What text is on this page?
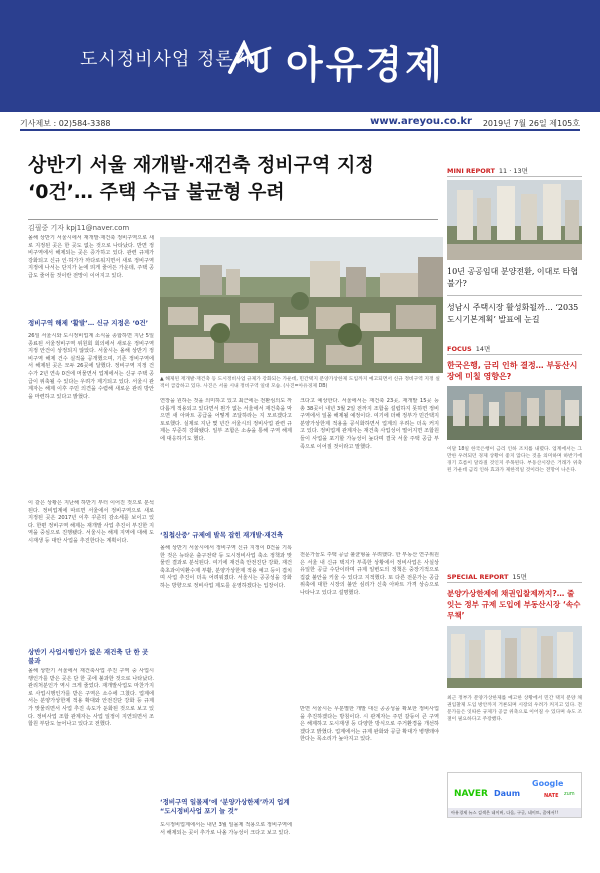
도시정비사업 정론지 아유경제
기사제보 : 02)584-3388	www.areyou.co.kr 2019년 7월 26일 제105호
상반기 서울 재개발·재건축 정비구역 지정
‘0건’… 주택 수급 불균형 우려
김필중 기자 kpj11@naver.com
올해 상반기 서울시에서 재개발·재건축 정비구역으로 새로 지정된 곳은 한 곳도 없는 것으로 나타났다. 반면 정비구역에서 해제되는 곳은 증가하고 있다. 관련 규제가 강화되고 신규 인·허가가 까다로워지면서 새로 정비구역 지정에 나서는 단지가 눈에 띄게 줄어든 가운데, 주택 공급도 줄어들 것이란 전망이 이어지고 있다.
정비구역 해제 ‘활발’… 신규 지정은 ‘0건’
26일 서울시와 도시정비업계 소식을 종합하면 지난 5일 종료된 서울정비구역 위원회 회의에서 새로운 정비구역 지정 안건이 상정되지 않았다. 서울시는 올해 상반기 정비구역 해제 건수 실적을 공개했으며, 기존 정비구역에서 해제된 곳은 모두 26곳에 달했다. 정비구역 지정 건수가 2년 연속 0건에 머물면서 업계에서는 신규 주택 공급이 위축될 수 있다는 우려가 제기되고 있다. 서울시 관계자는 해제 이후 주민 의견을 수렴해 새로운 관리 방안을 마련하고 있다고 밝혔다.
이 같은 상황은 지난해 하반기 부터 이어진 것으로 분석된다. 정비업계에 따르면 서울에서 정비구역으로 새로 지정된 곳은 2017년 이후 꾸준히 감소세를 보이고 있다. 한편 정비구역 해제는 재개발 사업 추진이 부진한 지역을 중심으로 진행됐다. 서울시는 해제 지역에 대해 도시재생 등 대안 사업을 추진한다는 계획이다.
상반기 사업시행인가 없은 재건축 단 한 곳 불과
올해 상반기 서울에서 재건축사업 추진 구역 중 사업시행인가를 받은 곳은 단 한 곳에 불과한 것으로 나타났다. 관리처분인가 역시 크게 줄었다. 재개발사업도 마찬가지로 사업시행인가를 받은 구역은 소수에 그쳤다. 업계에서는 분양가상한제 적용 확대와 안전진단 강화 등 규제가 맞물리면서 사업 추진 속도가 둔화된 것으로 보고 있다. 정비사업 조합 관계자는 사업 일정이 지연되면서 조합원 부담도 늘어나고 있다고 전했다.
▲ 해제된 재개발·재건축 등 도시정비사업 규제가 강화되는 가운데, 민간택지 분양가상한제 도입까지 예고되면서 신규 정비구역 지정 실적이 급감하고 있다. 사진은 서울 시내 정비구역 일대 모습. (사진=아유경제 DB)
연장을 원하는 것을 의미하고 있고 최근에는 전환심의도 까다롭게 적용되고 있다면서 뭔가 없는 서울에서 재건축을 막으면 새 아파트 공급을 어떻게 조달하라는 지 모르겠다고 토로했다. 실제로 지난 몇 년간 서울시의 정비사업 관련 규제는 꾸준히 강화됐다. 일부 조합은 소송을 통해 구역 해제에 대응하기도 했다.
‘칩첩산중’ 규제에 발목 잡힌 재개발·재건축
올해 상반기 서울시에서 정비구역 신규 지정이 0건을 기록한 것은 뉴타운 출구전략 등 도시정비사업 축소 정책과 맞물린 결과로 분석된다. 여기에 재건축 안전진단 강화, 재건축초과이익환수제 부활, 분양가상한제 적용 예고 등이 겹치며 사업 추진이 더욱 어려워졌다. 서울시는 공공성을 강화하는 방향으로 정비사업 제도를 운영하겠다는 입장이다.
‘정비구역 일몰제’에 ‘분양가상한제’까지 업계 “도시정비사업 포기 늘 것”
도시정비업계에서는 내년 3월 일몰제 적용으로 정비구역에서 해제되는 곳이 추가로 나올 가능성이 크다고 보고 있다.
크다고 예상한다. 서울에서는 재건축 23곳, 재개발 15곳 등 총 38곳이 내년 3월 2일 전까지 조합을 설립하지 못하면 정비구역에서 일몰 해제될 예정이다. 여기에 더해 정부가 민간택지 분양가상한제 적용을 공식화하면서 업계의 우려는 더욱 커지고 있다. 정비업계 관계자는 재건축 사업성이 떨어지면 조합원들이 사업을 포기할 가능성이 높다며 결국 서울 주택 공급 부족으로 이어질 것이라고 말했다.
전문가들도 주택 공급 불균형을 우려했다. 한 부동산 연구위원은 서울 내 신규 택지가 부족한 상황에서 정비사업은 사실상 유일한 공급 수단이라며 규제 일변도의 정책은 중장기적으로 집값 불안을 키울 수 있다고 지적했다. 또 다른 전문가는 공급 위축에 대한 시장의 불안 심리가 신축 아파트 가격 상승으로 나타나고 있다고 설명했다.
반면 서울시는 무분별한 개발 대신 공공성을 확보한 정비사업을 추진하겠다는 방침이다. 시 관계자는 주민 갈등이 큰 구역은 해제하고 도시재생 등 다양한 방식으로 주거환경을 개선하겠다고 밝혔다. 업계에서는 규제 완화와 공급 확대가 병행돼야 한다는 목소리가 높아지고 있다.
MINI REPORT 11 · 13면
10년 공공임대 분양전환, 이대로 타협 불가?
성남시 주택시장 활성화될까… ‘2035 도시기본계획’ 발표에 눈길
FOCUS 14면
한국은행, 금리 인하 결정… 부동산시장에 미칠 영향은?
이달 18일 한국은행이 금리 인하 조치를 내렸다. 업계에서는 그만한 우려되던 경제 상황이 좋지 않다는 것을 의미하며 하반기에 경기 흐름이 달라질 것인지 주목된다. 부동산시장은 거래가 위축된 가운데 금리 인하 효과가 제한적일 것이라는 전망이 나온다.
SPECIAL REPORT 15면
분양가상한제에 채권입찰제까지?… 줄 잇는 정부 규제 도입에 부동산시장 ‘속수무책’
최근 정부가 분양가상한제를 예고한 상황에서 민간 택지 분양 채권입찰제 도입 방안까지 거론되며 시장의 우려가 커지고 있다. 전문가들은 잇따른 규제가 공급 위축으로 이어질 수 있다며 속도 조절이 필요하다고 주장했다.
NAVER Daum
Google
NATE zum
아유경제 뉴스 검색은 네이버, 다음, 구글, 네이트, 줌에서!!
